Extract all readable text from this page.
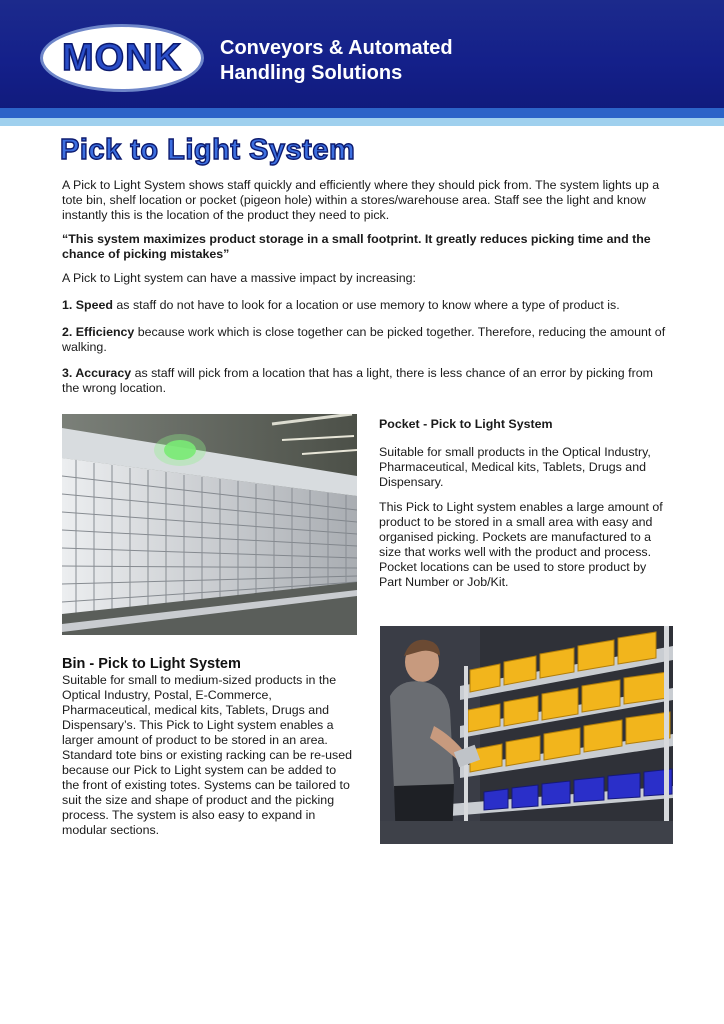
MONK Conveyors & Automated
Handling Solutions
Pick to Light System
A Pick to Light System shows staff quickly and efficiently where they should pick from. The system lights up a tote bin, shelf location or pocket (pigeon hole) within a stores/warehouse area. Staff see the light and know instantly this is the location of the product they need to pick.
“This system maximizes product storage in a small footprint. It greatly reduces picking time and the chance of picking mistakes”
A Pick to Light system can have a massive impact by increasing:
1. Speed as staff do not have to look for a location or use memory to know where a type of product is.
2. Efficiency because work which is close together can be picked together. Therefore, reducing the amount of walking.
3. Accuracy as staff will pick from a location that has a light, there is less chance of an error by picking from the wrong location.
Pocket - Pick to Light System
Suitable for small products in the Optical Industry, Pharmaceutical, Medical kits, Tablets, Drugs and Dispensary.
This Pick to Light system enables a large amount of product to be stored in a small area with easy and organised picking. Pockets are manufactured to a size that works well with the product and process. Pocket locations can be used to store product by Part Number or Job/Kit.
Bin - Pick to Light System
Suitable for small to medium-sized products in the Optical Industry, Postal, E-Commerce, Pharmaceutical, medical kits, Tablets, Drugs and Dispensary’s. This Pick to Light system enables a larger amount of product to be stored in an area. Standard tote bins or existing racking can be re-used because our Pick to Light system can be added to the front of existing totes. Systems can be tailored to suit the size and shape of product and the picking process. The system is also easy to expand in modular sections.
